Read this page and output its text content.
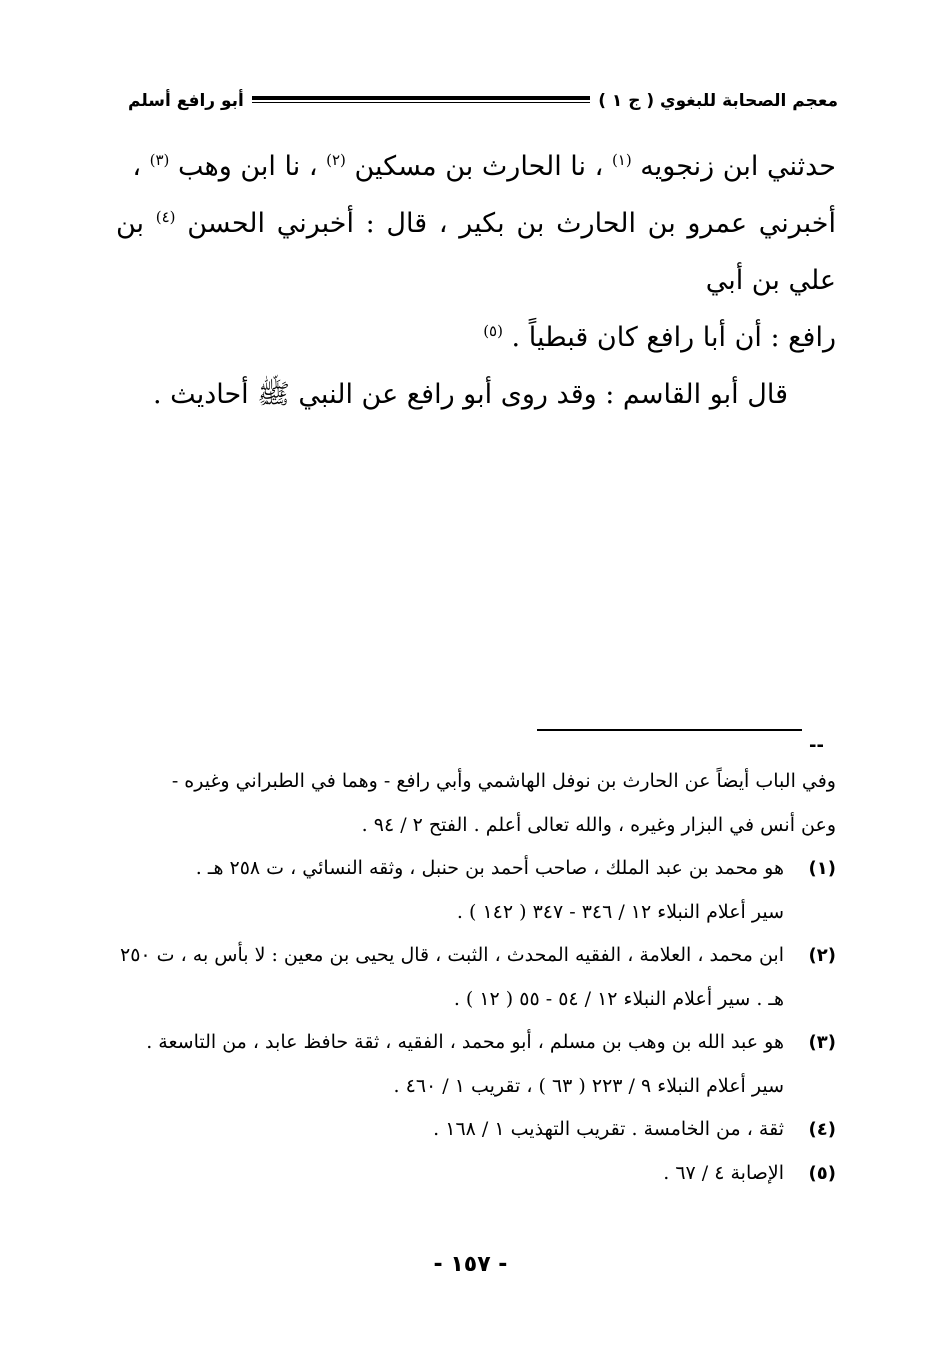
معجم الصحابة للبغوي ( ج ١ )
أبو رافع أسلم

حدثني ابن زنجويه $^{(١)}$ ، نا الحارث بن مسكين $^{(٢)}$ ، نا ابن وهب $^{(٣)}$ ،

أخبرني عمرو بن الحارث بن بكير ، قال : أخبرني الحسن $^{(٤)}$ بن علي بن أبي

رافع : أن أبا رافع كان قبطياً . $^{(٥)}$

قال أبو القاسم : وقد روى أبو رافع عن النبي ﷺ أحاديث .

--

وفي الباب أيضاً عن الحارث بن نوفل الهاشمي وأبي رافع - وهما في الطبراني وغيره -

وعن أنس في البزار وغيره ، والله تعالى أعلم . الفتح ٢ / ٩٤ .

(١)

هو محمد بن عبد الملك ، صاحب أحمد بن حنبل ، وثقه النسائي ، ت ٢٥٨ هـ .

سير أعلام النبلاء ١٢ / ٣٤٦ - ٣٤٧ ( ١٤٢ ) .

(٢)

ابن محمد ، العلامة ، الفقيه المحدث ، الثبت ، قال يحيى بن معين : لا بأس به ، ت ٢٥٠

هـ . سير أعلام النبلاء ١٢ / ٥٤ - ٥٥ ( ١٢ ) .

(٣)

هو عبد الله بن وهب بن مسلم ، أبو محمد ، الفقيه ، ثقة حافظ عابد ، من التاسعة .

سير أعلام النبلاء ٩ / ٢٢٣ ( ٦٣ ) ، تقريب ١ / ٤٦٠ .

(٤)

ثقة ، من الخامسة . تقريب التهذيب ١ / ١٦٨ .

(٥)

الإصابة ٤ / ٦٧ .

- ١٥٧ -
